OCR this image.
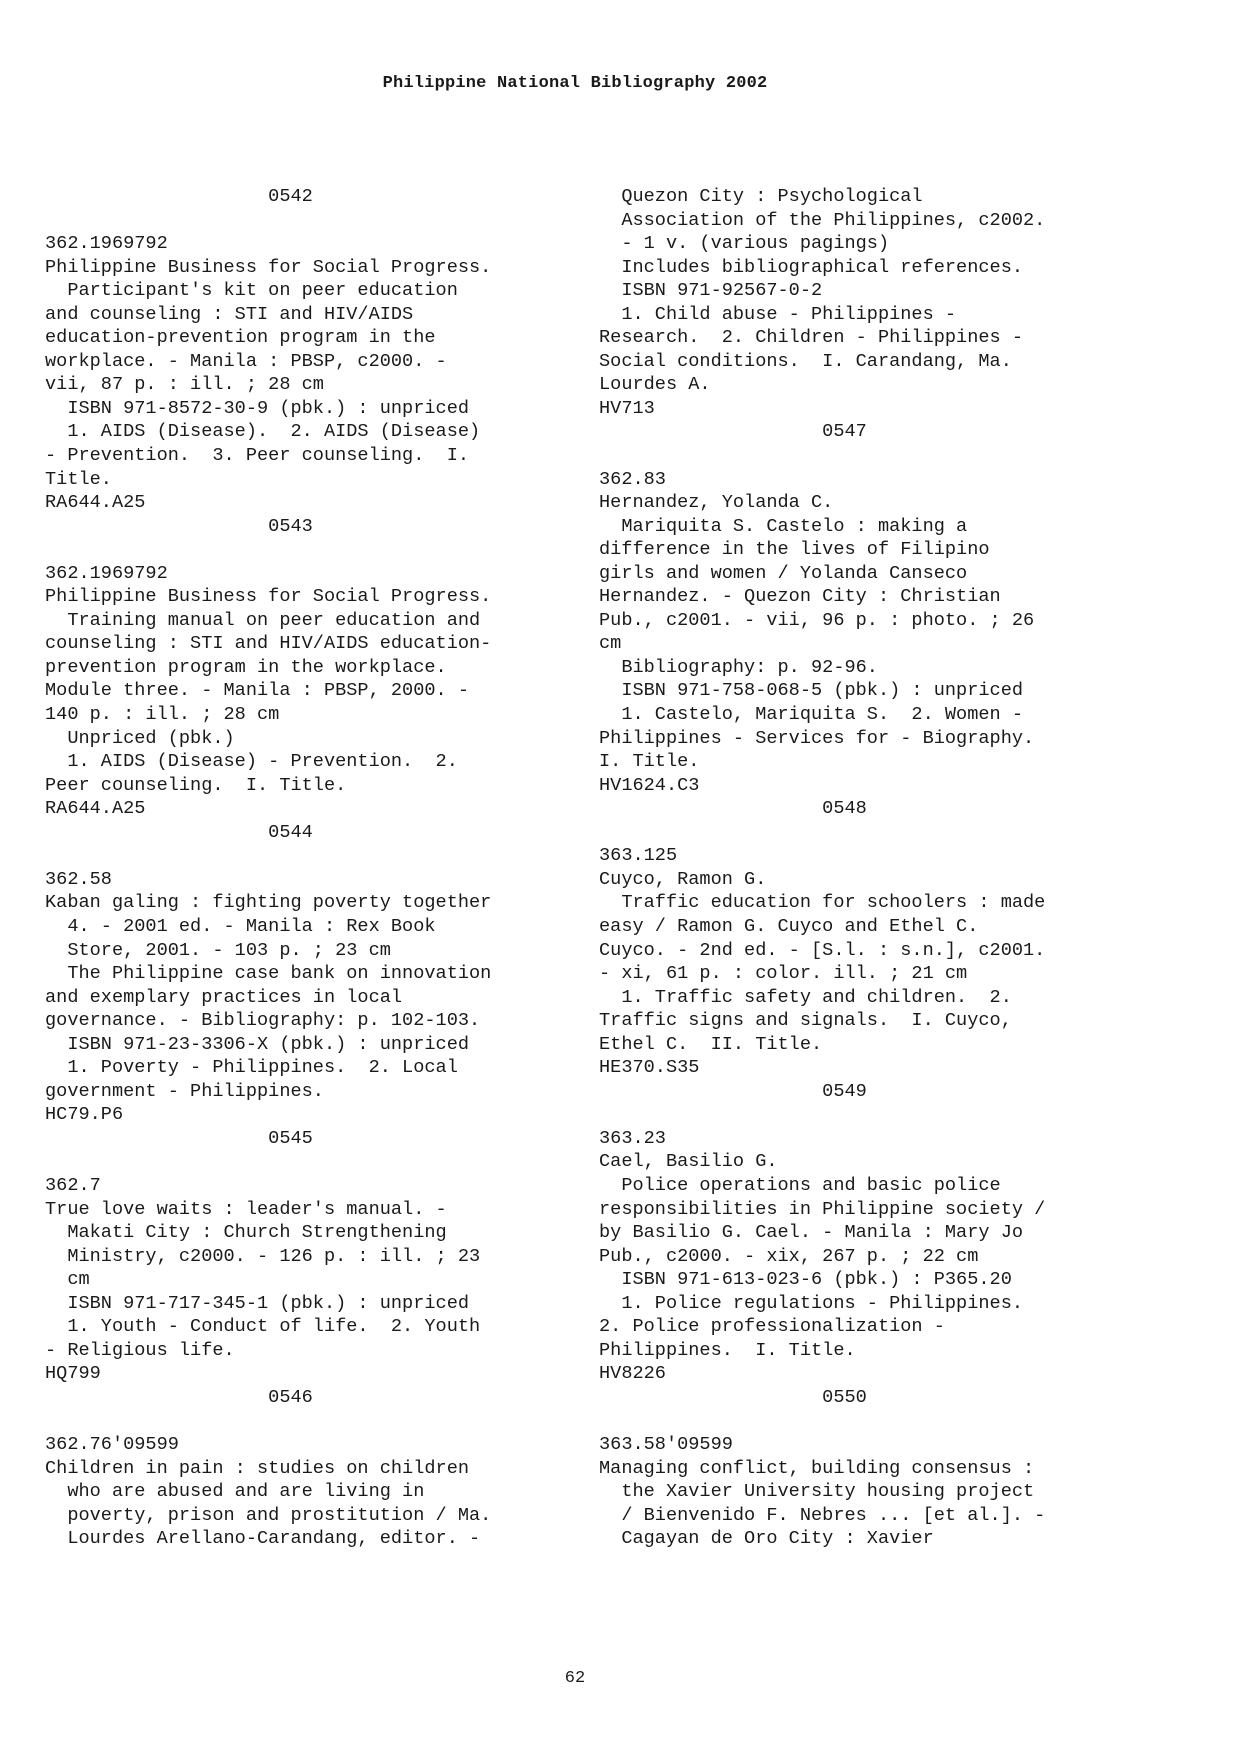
Philippine National Bibliography 2002
0542
362.1969792
Philippine Business for Social Progress.
Participant's kit on peer education
and counseling : STI and HIV/AIDS
education-prevention program in the
workplace. - Manila : PBSP, c2000. -
vii, 87 p. : ill. ; 28 cm
ISBN 971-8572-30-9 (pbk.) : unpriced
1. AIDS (Disease).  2. AIDS (Disease)
- Prevention.  3. Peer counseling.  I.
Title.
RA644.A25
0543
362.1969792
Philippine Business for Social Progress.
Training manual on peer education and
counseling : STI and HIV/AIDS education-
prevention program in the workplace.
Module three. - Manila : PBSP, 2000. -
140 p. : ill. ; 28 cm
Unpriced (pbk.)
1. AIDS (Disease) - Prevention.  2.
Peer counseling.  I. Title.
RA644.A25
0544
362.58
Kaban galing : fighting poverty together
4. - 2001 ed. - Manila : Rex Book
Store, 2001. - 103 p. ; 23 cm
The Philippine case bank on innovation
and exemplary practices in local
governance. - Bibliography: p. 102-103.
ISBN 971-23-3306-X (pbk.) : unpriced
1. Poverty - Philippines.  2. Local
government - Philippines.
HC79.P6
0545
362.7
True love waits : leader's manual. -
Makati City : Church Strengthening
Ministry, c2000. - 126 p. : ill. ; 23
cm
ISBN 971-717-345-1 (pbk.) : unpriced
1. Youth - Conduct of life.  2. Youth
- Religious life.
HQ799
0546
362.76'09599
Children in pain : studies on children
who are abused and are living in
poverty, prison and prostitution / Ma.
Lourdes Arellano-Carandang, editor. -
Quezon City : Psychological
Association of the Philippines, c2002.
- 1 v. (various pagings)
Includes bibliographical references.
ISBN 971-92567-0-2
1. Child abuse - Philippines -
Research.  2. Children - Philippines -
Social conditions.  I. Carandang, Ma.
Lourdes A.
HV713
0547
362.83
Hernandez, Yolanda C.
Mariquita S. Castelo : making a
difference in the lives of Filipino
girls and women / Yolanda Canseco
Hernandez. - Quezon City : Christian
Pub., c2001. - vii, 96 p. : photo. ; 26
cm
Bibliography: p. 92-96.
ISBN 971-758-068-5 (pbk.) : unpriced
1. Castelo, Mariquita S.  2. Women -
Philippines - Services for - Biography.
I. Title.
HV1624.C3
0548
363.125
Cuyco, Ramon G.
Traffic education for schoolers : made
easy / Ramon G. Cuyco and Ethel C.
Cuyco. - 2nd ed. - [S.l. : s.n.], c2001.
- xi, 61 p. : color. ill. ; 21 cm
1. Traffic safety and children.  2.
Traffic signs and signals.  I. Cuyco,
Ethel C.  II. Title.
HE370.S35
0549
363.23
Cael, Basilio G.
Police operations and basic police
responsibilities in Philippine society /
by Basilio G. Cael. - Manila : Mary Jo
Pub., c2000. - xix, 267 p. ; 22 cm
ISBN 971-613-023-6 (pbk.) : P365.20
1. Police regulations - Philippines.
2. Police professionalization -
Philippines.  I. Title.
HV8226
0550
363.58'09599
Managing conflict, building consensus :
the Xavier University housing project
/ Bienvenido F. Nebres ... [et al.]. -
Cagayan de Oro City : Xavier
62
